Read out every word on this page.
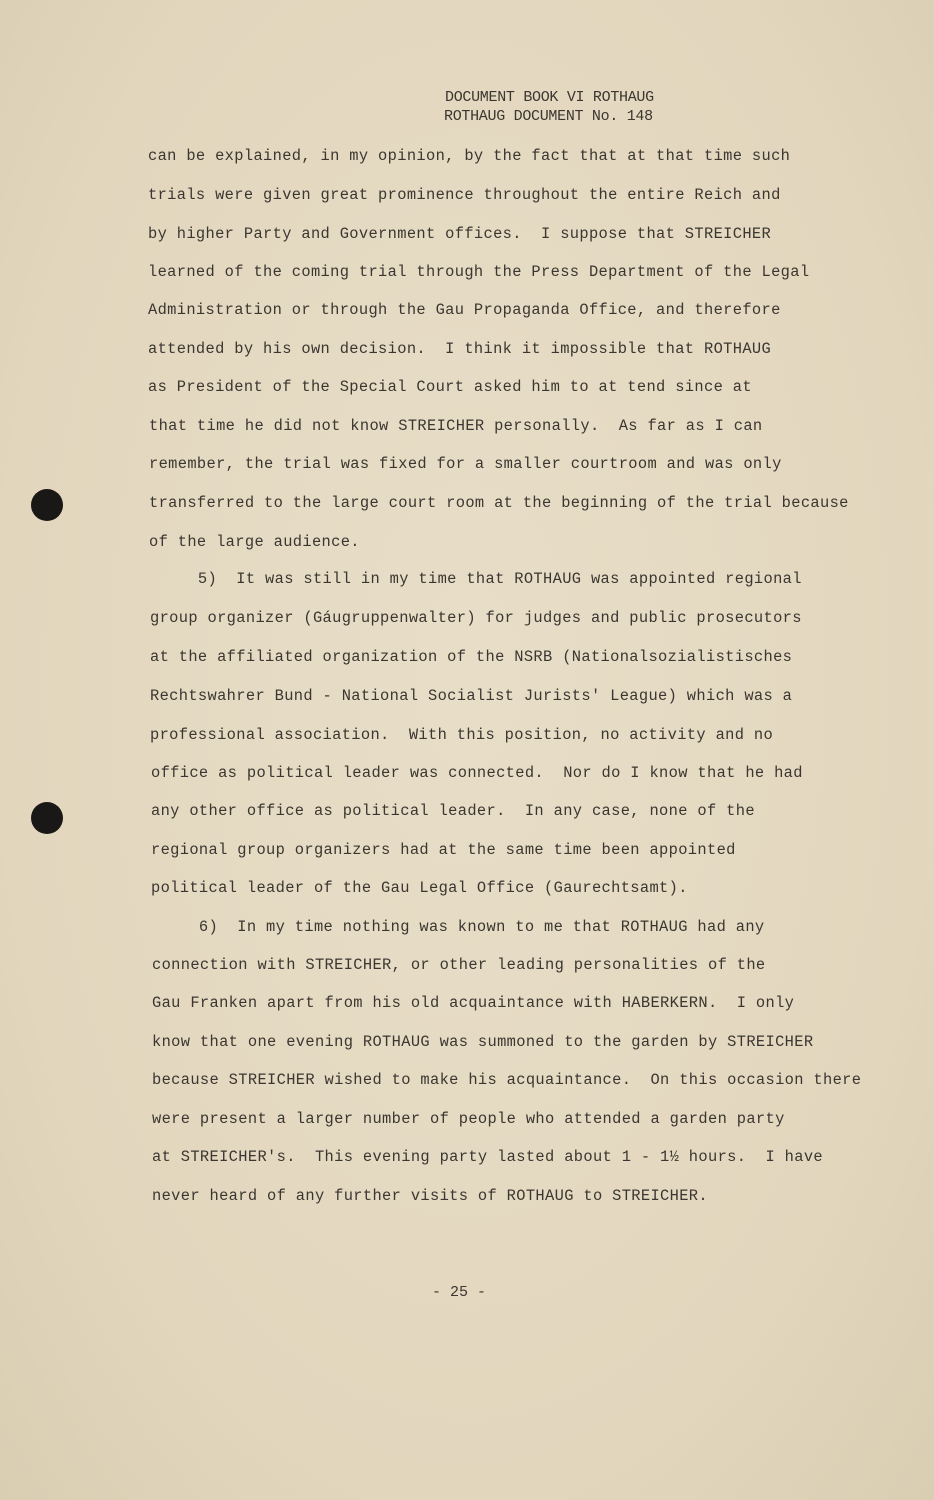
DOCUMENT BOOK VI ROTHAUG
ROTHAUG DOCUMENT No. 148
can be explained, in my opinion, by the fact that at that time such
trials were given great prominence throughout the entire Reich and
by higher Party and Government offices.  I suppose that STREICHER
learned of the coming trial through the Press Department of the Legal
Administration or through the Gau Propaganda Office, and therefore
attended by his own decision.  I think it impossible that ROTHAUG
as President of the Special Court asked him to at tend since at
that time he did not know STREICHER personally.  As far as I can
remember, the trial was fixed for a smaller courtroom and was only
transferred to the large court room at the beginning of the trial because
of the large audience.
5)  It was still in my time that ROTHAUG was appointed regional
group organizer (Gáugruppenwalter) for judges and public prosecutors
at the affiliated organization of the NSRB (Nationalsozialistisches
Rechtswahrer Bund - National Socialist Jurists' League) which was a
professional association.  With this position, no activity and no
office as political leader was connected.  Nor do I know that he had
any other office as political leader.  In any case, none of the
regional group organizers had at the same time been appointed
political leader of the Gau Legal Office (Gaurechtsamt).
6)  In my time nothing was known to me that ROTHAUG had any
connection with STREICHER, or other leading personalities of the
Gau Franken apart from his old acquaintance with HABERKERN.  I only
know that one evening ROTHAUG was summoned to the garden by STREICHER
because STREICHER wished to make his acquaintance.  On this occasion there
were present a larger number of people who attended a garden party
at STREICHER's.  This evening party lasted about 1 - 1½ hours.  I have
never heard of any further visits of ROTHAUG to STREICHER.
- 25 -
